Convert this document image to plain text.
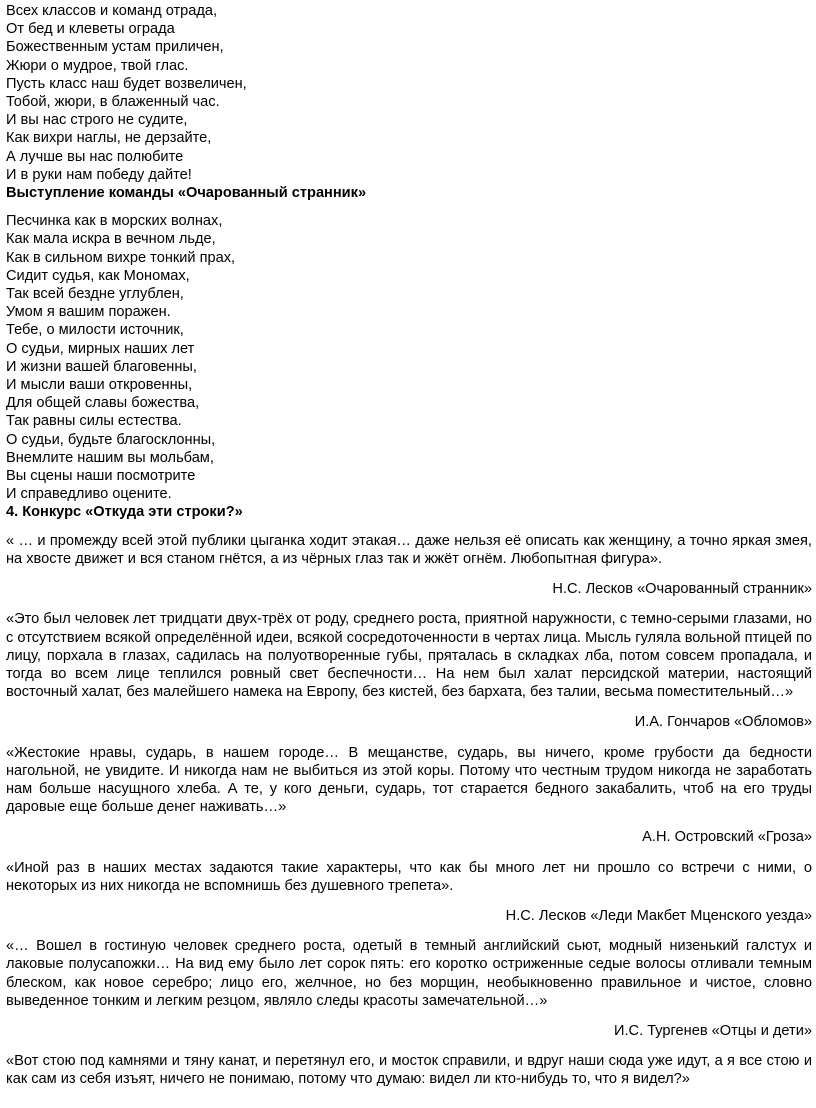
Всех классов и команд отрада,
От бед и клеветы ограда
Божественным устам приличен,
Жюри о мудрое, твой глас.
Пусть класс наш будет возвеличен,
Тобой, жюри, в блаженный час.
И вы нас строго не судите,
Как вихри наглы, не дерзайте,
А лучше вы нас полюбите
И в руки нам победу дайте!
Выступление команды «Очарованный странник»
Песчинка как в морских волнах,
Как мала искра в вечном льде,
Как в сильном вихре тонкий прах,
Сидит судья, как Мономах,
Так всей бездне углублен,
Умом я вашим поражен.
Тебе, о милости источник,
О судьи, мирных наших лет
И жизни вашей благовенны,
И мысли ваши откровенны,
Для общей славы божества,
Так равны силы естества.
О судьи, будьте благосклонны,
Внемлите нашим вы мольбам,
Вы сцены наши посмотрите
И справедливо оцените.
4. Конкурс «Откуда эти строки?»

« … и промежду всей этой публики цыганка ходит этакая… даже нельзя её описать как женщину, а точно яркая змея, на хвосте движет и вся станом гнётся, а из чёрных глаз так и жжёт огнём. Любопытная фигура».

Н.С. Лесков «Очарованный странник»

«Это был человек лет тридцати двух-трёх от роду, среднего роста, приятной наружности, с темно-серыми глазами, но с отсутствием всякой определённой идеи, всякой сосредоточенности в чертах лица. Мысль гуляла вольной птицей по лицу, порхала в глазах, садилась на полуотворенные губы, пряталась в складках лба, потом совсем пропадала, и тогда во всем лице теплился ровный свет беспечности… На нем был халат персидской материи, настоящий восточный халат, без малейшего намека на Европу, без кистей, без бархата, без талии, весьма поместительный…»

И.А. Гончаров «Обломов»

«Жестокие нравы, сударь, в нашем городе… В мещанстве, сударь, вы ничего, кроме грубости да бедности нагольной, не увидите. И никогда нам не выбиться из этой коры. Потому что честным трудом никогда не заработать нам больше насущного хлеба. А те, у кого деньги, сударь, тот старается бедного закабалить, чтоб на его труды даровые еще больше денег наживать…»

А.Н. Островский «Гроза»

«Иной раз в наших местах задаются такие характеры, что как бы много лет ни прошло со встречи с ними, о некоторых из них никогда не вспомнишь без душевного трепета».

Н.С. Лесков «Леди Макбет Мценского уезда»

«… Вошел в гостиную человек среднего роста, одетый в темный английский сьют, модный низенький галстух и лаковые полусапожки… На вид ему было лет сорок пять: его коротко остриженные седые волосы отливали темным блеском, как новое серебро; лицо его, желчное, но без морщин, необыкновенно правильное и чистое, словно выведенное тонким и легким резцом, являло следы красоты замечательной…»

И.С. Тургенев «Отцы и дети»

«Вот стою под камнями и тяну канат, и перетянул его, и мосток справили, и вдруг наши сюда уже идут, а я все стою и как сам из себя изъят, ничего не понимаю, потому что думаю: видел ли кто-нибудь то, что я видел?»
